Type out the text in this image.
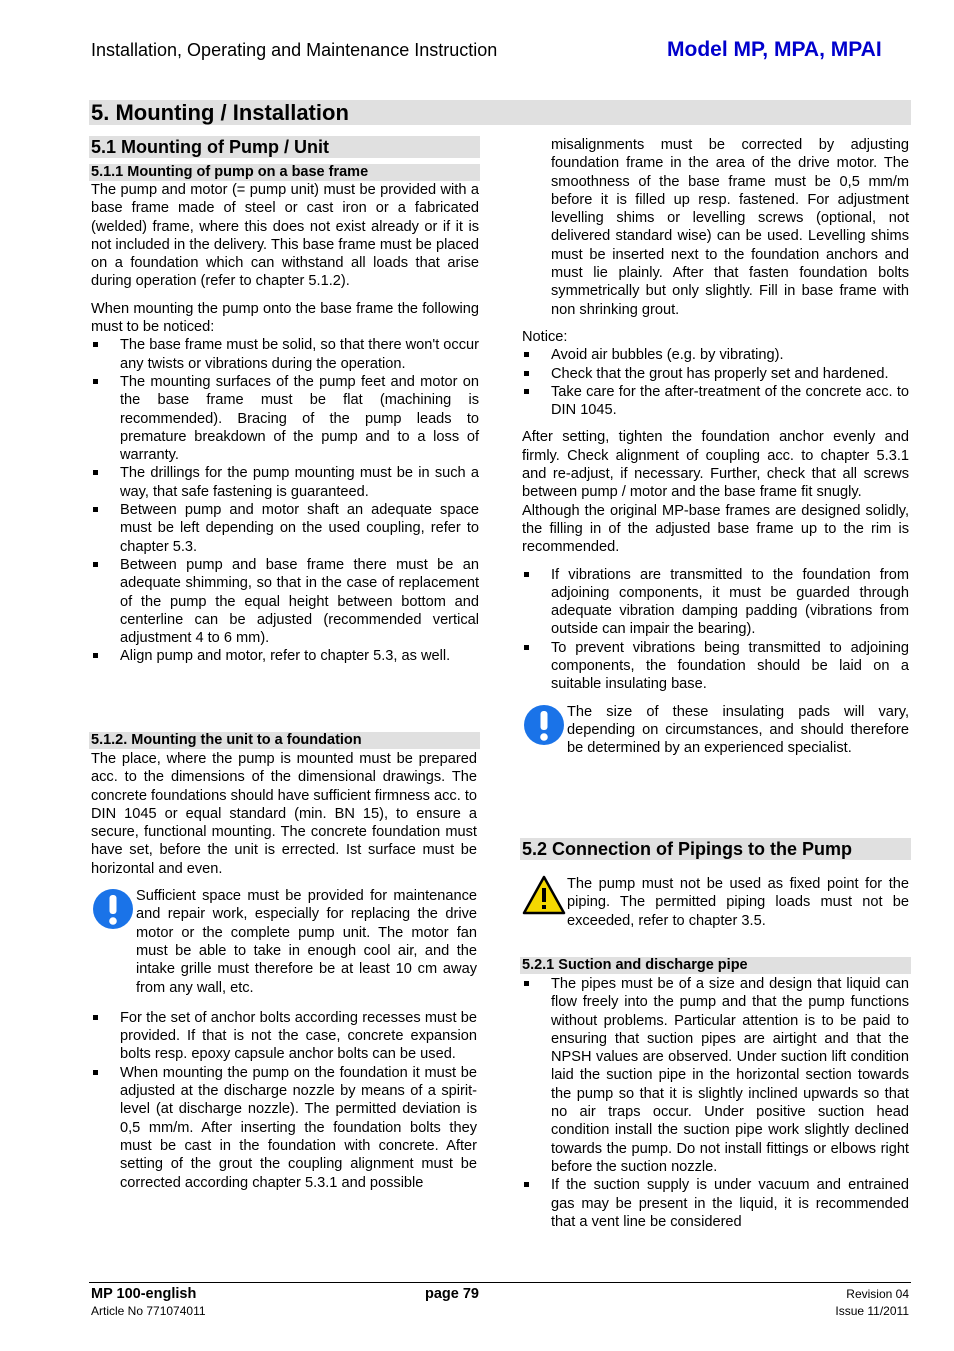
Installation, Operating and Maintenance Instruction	Model MP, MPA, MPAI
5. Mounting / Installation
5.1 Mounting of Pump / Unit
5.1.1 Mounting of pump on a base frame

The pump and motor (= pump unit) must be provided with a base frame made of steel or cast iron or a fabricated (welded) frame, where this does not exist already or if it is not included in the delivery. This base frame must be placed on a foundation which can withstand all loads that arise during operation (refer to chapter 5.1.2).

When mounting the pump onto the base frame the following must to be noticed:

The base frame must be solid, so that there won't occur any twists or vibrations during the operation.
The mounting surfaces of the pump feet and motor on the base frame must be flat (machining is recommended). Bracing of the pump leads to premature breakdown of the pump and to a loss of warranty.
The drillings for the pump mounting must be in such a way, that safe fastening is guaranteed.
Between pump and motor shaft an adequate space must be left depending on the used coupling, refer to chapter 5.3.
Between pump and base frame there must be an adequate shimming, so that in the case of replacement of the pump the equal height between bottom and centerline can be adjusted (recommended vertical adjustment 4 to 6 mm).
Align pump and motor, refer to chapter 5.3, as well.
5.1.2. Mounting the unit to a foundation

The place, where the pump is mounted must be prepared acc. to the dimensions of the dimensional drawings. The concrete foundations should have sufficient firmness acc. to DIN 1045 or equal standard (min. BN 15), to ensure a secure, functional mounting. The concrete foundation must have set, before the unit is errected. Ist surface must be horizontal and even.

Sufficient space must be provided for maintenance and repair work, especially for replacing the drive motor or the complete pump unit. The motor fan must be able to take in enough cool air, and the intake grille must therefore be at least 10 cm away from any wall, etc.
For the set of anchor bolts according recesses must be provided. If that is not the case, concrete expansion bolts resp. epoxy capsule anchor bolts can be used.
When mounting the pump on the foundation it must be adjusted at the discharge nozzle by means of a spirit-level (at discharge nozzle). The permitted deviation is 0,5 mm/m. After inserting the foundation bolts they must be cast in the foundation with concrete. After setting of the grout the coupling alignment must be corrected according chapter 5.3.1 and possible

misalignments must be corrected by adjusting foundation frame in the area of the drive motor. The smoothness of the base frame must be 0,5 mm/m before it is filled up resp. fastened. For adjustment levelling shims or levelling screws (optional, not delivered standard wise) can be used. Levelling shims must be inserted next to the foundation anchors and must lie plainly. After that fasten foundation bolts symmetrically but only slightly. Fill in base frame with non shrinking grout.

Notice:

Avoid air bubbles (e.g. by vibrating).
Check that the grout has properly set and hardened.
Take care for the after-treatment of the concrete acc. to DIN 1045.

After setting, tighten the foundation anchor evenly and firmly. Check alignment of coupling acc. to chapter 5.3.1 and re-adjust, if necessary. Further, check that all screws between pump / motor and the base frame fit snugly.

Although the original MP-base frames are designed solidly, the filling in of the adjusted base frame up to the rim is recommended.

If vibrations are transmitted to the foundation from adjoining components, it must be guarded through adequate vibration damping padding (vibrations from outside can impair the bearing).
To prevent vibrations being transmitted to adjoining components, the foundation should be laid on a suitable insulating base.
The size of these insulating pads will vary, depending on circumstances, and should therefore be determined by an experienced specialist.
5.2 Connection of Pipings to the Pump
The pump must not be used as fixed point for the piping. The permitted piping loads must not be exceeded, refer to chapter 3.5.
5.2.1 Suction and discharge pipe
The pipes must be of a size and design that liquid can flow freely into the pump and that the pump functions without problems. Particular attention is to be paid to ensuring that suction pipes are airtight and that the NPSH values are observed. Under suction lift condition laid the suction pipe in the horizontal section towards the pump so that it is slightly inclined upwards so that no air traps occur. Under positive suction head condition install the suction pipe work slightly declined towards the pump. Do not install fittings or elbows right before the suction nozzle.
If the suction supply is under vacuum and entrained gas may be present in the liquid, it is recommended that a vent line be considered
MP 100-english
Article No 771074011
page 79	Revision 04
Issue 11/2011
